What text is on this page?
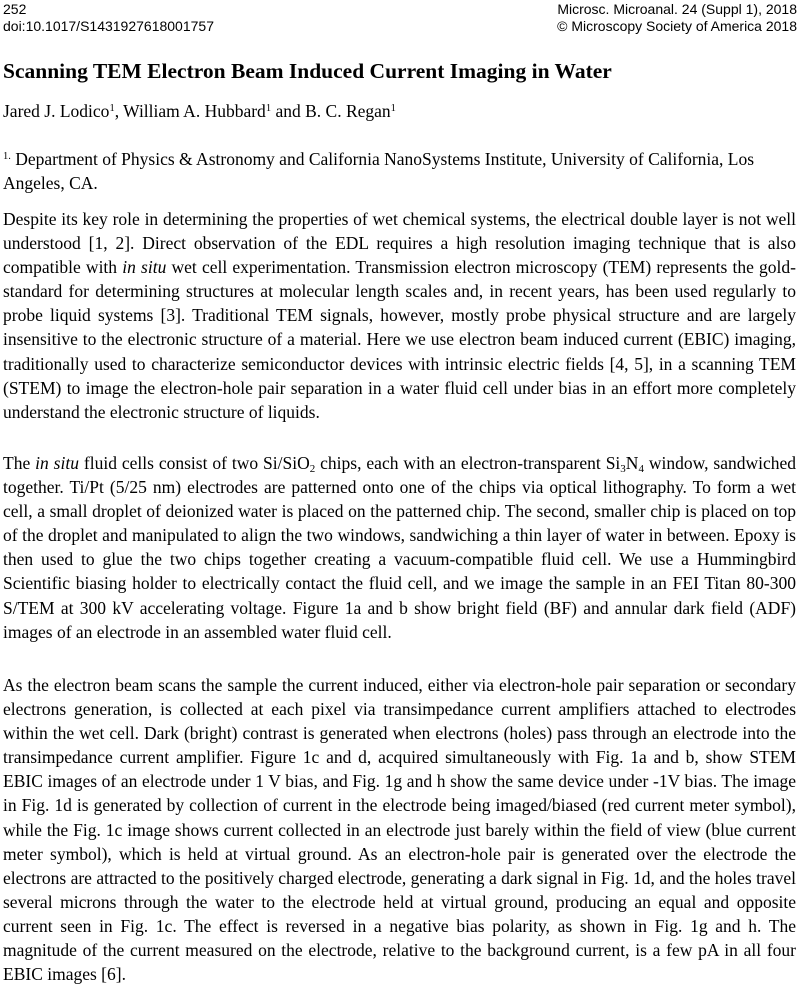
252
doi:10.1017/S1431927618001757
Microsc. Microanal. 24 (Suppl 1), 2018
© Microscopy Society of America 2018
Scanning TEM Electron Beam Induced Current Imaging in Water
Jared J. Lodico$^1$, William A. Hubbard$^1$ and B. C. Regan$^1$
$^{1.}$ Department of Physics & Astronomy and California NanoSystems Institute, University of California, Los Angeles, CA.

Despite its key role in determining the properties of wet chemical systems, the electrical double layer is not well understood [1, 2]. Direct observation of the EDL requires a high resolution imaging technique that is also compatible with in situ wet cell experimentation. Transmission electron microscopy (TEM) represents the gold-standard for determining structures at molecular length scales and, in recent years, has been used regularly to probe liquid systems [3]. Traditional TEM signals, however, mostly probe physical structure and are largely insensitive to the electronic structure of a material. Here we use electron beam induced current (EBIC) imaging, traditionally used to characterize semiconductor devices with intrinsic electric fields [4, 5], in a scanning TEM (STEM) to image the electron-hole pair separation in a water fluid cell under bias in an effort more completely understand the electronic structure of liquids.

The in situ fluid cells consist of two Si/SiO$_2$ chips, each with an electron-transparent $Si_3N_4$ window, sandwiched together. Ti/Pt (5/25 nm) electrodes are patterned onto one of the chips via optical lithography. To form a wet cell, a small droplet of deionized water is placed on the patterned chip. The second, smaller chip is placed on top of the droplet and manipulated to align the two windows, sandwiching a thin layer of water in between. Epoxy is then used to glue the two chips together creating a vacuum-compatible fluid cell. We use a Hummingbird Scientific biasing holder to electrically contact the fluid cell, and we image the sample in an FEI Titan 80-300 S/TEM at 300 kV accelerating voltage. Figure 1a and b show bright field (BF) and annular dark field (ADF) images of an electrode in an assembled water fluid cell.

As the electron beam scans the sample the current induced, either via electron-hole pair separation or secondary electrons generation, is collected at each pixel via transimpedance current amplifiers attached to electrodes within the wet cell. Dark (bright) contrast is generated when electrons (holes) pass through an electrode into the transimpedance current amplifier. Figure 1c and d, acquired simultaneously with Fig. 1a and b, show STEM EBIC images of an electrode under 1 V bias, and Fig. 1g and h show the same device under -1V bias. The image in Fig. 1d is generated by collection of current in the electrode being imaged/biased (red current meter symbol), while the Fig. 1c image shows current collected in an electrode just barely within the field of view (blue current meter symbol), which is held at virtual ground. As an electron-hole pair is generated over the electrode the electrons are attracted to the positively charged electrode, generating a dark signal in Fig. 1d, and the holes travel several microns through the water to the electrode held at virtual ground, producing an equal and opposite current seen in Fig. 1c. The effect is reversed in a negative bias polarity, as shown in Fig. 1g and h. The magnitude of the current measured on the electrode, relative to the background current, is a few pA in all four EBIC images [6].
